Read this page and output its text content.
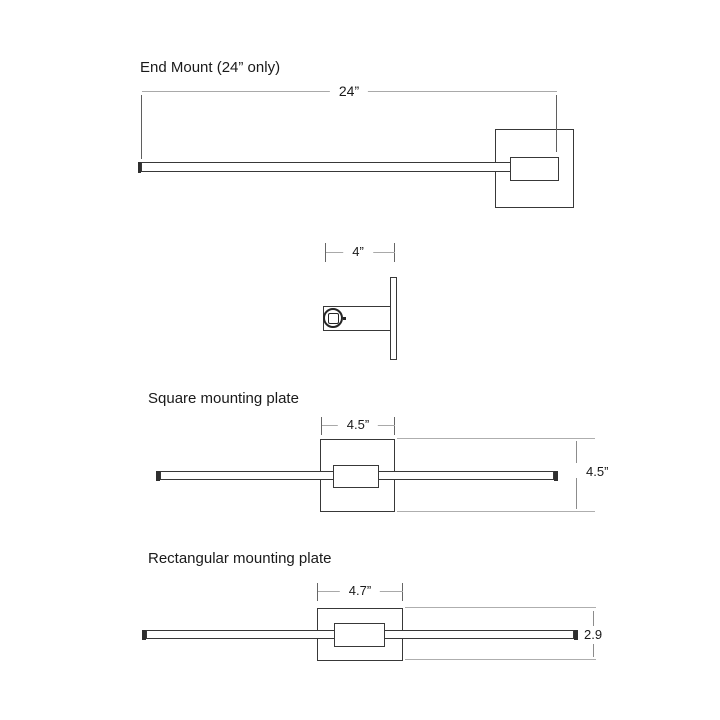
End Mount (24” only)
24”
4”
Square mounting plate
4.5”
4.5”
Rectangular mounting plate
4.7”
2.9
